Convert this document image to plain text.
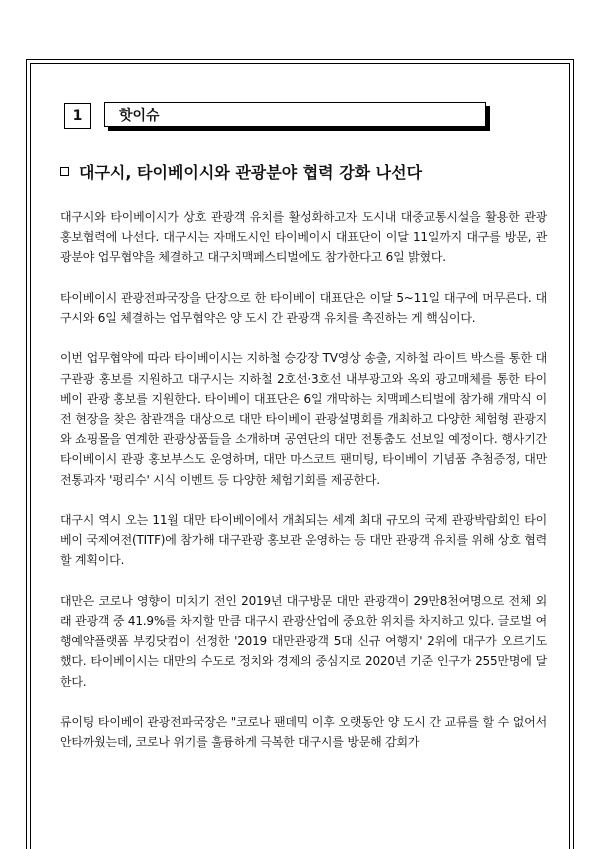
1	핫이슈
대구시, 타이베이시와 관광분야 협력 강화 나선다

대구시와 타이베이시가 상호 관광객 유치를 활성화하고자 도시내 대중교통시설을 활용한 관광 홍보협력에 나선다. 대구시는 자매도시인 타이베이시 대표단이 이달 11일까지 대구를 방문, 관광분야 업무협약을 체결하고 대구치맥페스티벌에도 참가한다고 6일 밝혔다.

타이베이시 관광전파국장을 단장으로 한 타이베이 대표단은 이달 5~11일 대구에 머무른다. 대구시와 6일 체결하는 업무협약은 양 도시 간 관광객 유치를 촉진하는 게 핵심이다.

이번 업무협약에 따라 타이베이시는 지하철 승강장 TV영상 송출, 지하철 라이트 박스를 통한 대구관광 홍보를 지원하고 대구시는 지하철 2호선·3호선 내부광고와 옥외 광고매체를 통한 타이베이 관광 홍보를 지원한다. 타이베이 대표단은 6일 개막하는 치맥페스티벌에 참가해 개막식 이전 현장을 찾은 참관객을 대상으로 대만 타이베이 관광설명회를 개최하고 다양한 체험형 관광지와 쇼핑몰을 연계한 관광상품들을 소개하며 공연단의 대만 전통춤도 선보일 예정이다. 행사기간 타이베이시 관광 홍보부스도 운영하며, 대만 마스코트 팬미팅, 타이베이 기념품 추첨증정, 대만 전통과자 '펑리수' 시식 이벤트 등 다양한 체험기회를 제공한다.

대구시 역시 오는 11월 대만 타이베이에서 개최되는 세계 최대 규모의 국제 관광박람회인 타이베이 국제여전(TITF)에 참가해 대구관광 홍보관 운영하는 등 대만 관광객 유치를 위해 상호 협력할 계획이다.

대만은 코로나 영향이 미치기 전인 2019년 대구방문 대만 관광객이 29만8천여명으로 전체 외래 관광객 중 41.9%를 차지할 만큼 대구시 관광산업에 중요한 위치를 차지하고 있다. 글로벌 여행예약플랫폼 부킹닷컴이 선정한 '2019 대만관광객 5대 신규 여행지' 2위에 대구가 오르기도 했다. 타이베이시는 대만의 수도로 정치와 경제의 중심지로 2020년 기준 인구가 255만명에 달한다.

류이팅 타이베이 관광전파국장은 "코로나 팬데믹 이후 오랫동안 양 도시 간 교류를 할 수 없어서 안타까웠는데, 코로나 위기를 훌륭하게 극복한 대구시를 방문해 감회가
